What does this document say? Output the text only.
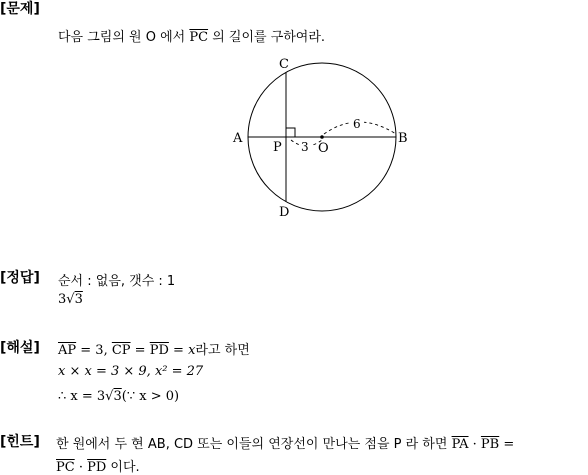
[문제]
다음 그림의 원 O 에서 $\overline{PC}$ 의 길이를 구하여라.
C
A
P	O
B
D
3
6
[정답] 순서 : 없음, 갯수 : 1
3√3
[해설] $\overline{AP} = 3$, $\overline{CP} = \overline{PD} = x$라고 하면
x × x = 3 × 9, x² = 27
∴ x = 3√3(∵ x > 0)
[힌트] 한 원에서 두 현 AB, CD 또는 이들의 연장선이 만나는 점을 P 라 하면 $\overline{PA} \cdot \overline{PB}$ =
$\overline{PC} \cdot \overline{PD}$ 이다.
